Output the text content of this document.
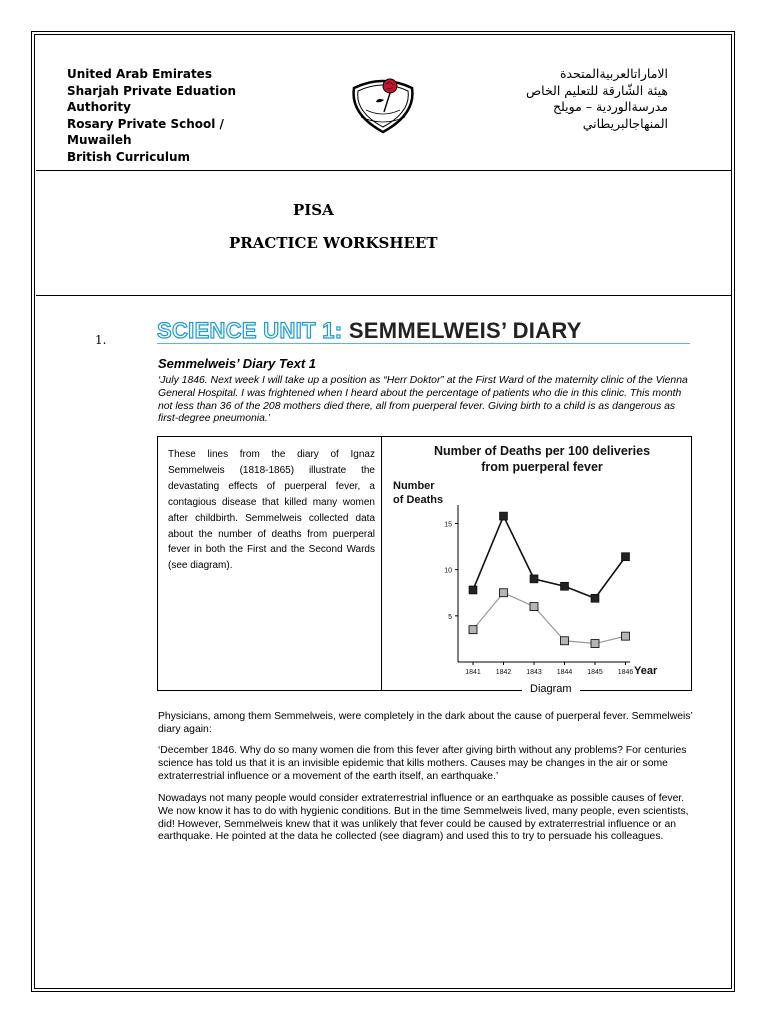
United Arab Emirates
Sharjah Private Eduation
Authority
Rosary Private School /
Muwaileh
British Curriculum
الاماراتالعربيةالمتحدة
هيئة الشّارقة للتعليم الخاص
مدرسةالوردية – مويلح
المنهاجالبريطاني
PISA
PRACTICE WORKSHEET
1. SCIENCE UNIT 1: SEMMELWEIS’ DIARY
Semmelweis’ Diary Text 1
‘July 1846. Next week I will take up a position as “Herr Doktor” at the First Ward of the maternity clinic of the Vienna General Hospital. I was frightened when I heard about the percentage of patients who die in this clinic. This month not less than 36 of the 208 mothers died there, all from puerperal fever. Giving birth to a child is as dangerous as first-degree pneumonia.’
These lines from the diary of Ignaz Semmelweis (1818-1865) illustrate the devastating effects of puerperal fever, a contagious disease that killed many women after childbirth. Semmelweis collected data about the number of deaths from puerperal fever in both the First and the Second Wards (see diagram).
Number of Deaths per 100 deliveries
from puerperal fever
Number
of Deaths
5
10
15
1841 1842 1843 1844 1845 1846 Year
Diagram
Physicians, among them Semmelweis, were completely in the dark about the cause of puerperal fever. Semmelweis’ diary again:
‘December 1846. Why do so many women die from this fever after giving birth without any problems? For centuries science has told us that it is an invisible epidemic that kills mothers. Causes may be changes in the air or some extraterrestrial influence or a movement of the earth itself, an earthquake.’
Nowadays not many people would consider extraterrestrial influence or an earthquake as possible causes of fever. We now know it has to do with hygienic conditions. But in the time Semmelweis lived, many people, even scientists, did! However, Semmelweis knew that it was unlikely that fever could be caused by extraterrestrial influence or an earthquake. He pointed at the data he collected (see diagram) and used this to try to persuade his colleagues.
